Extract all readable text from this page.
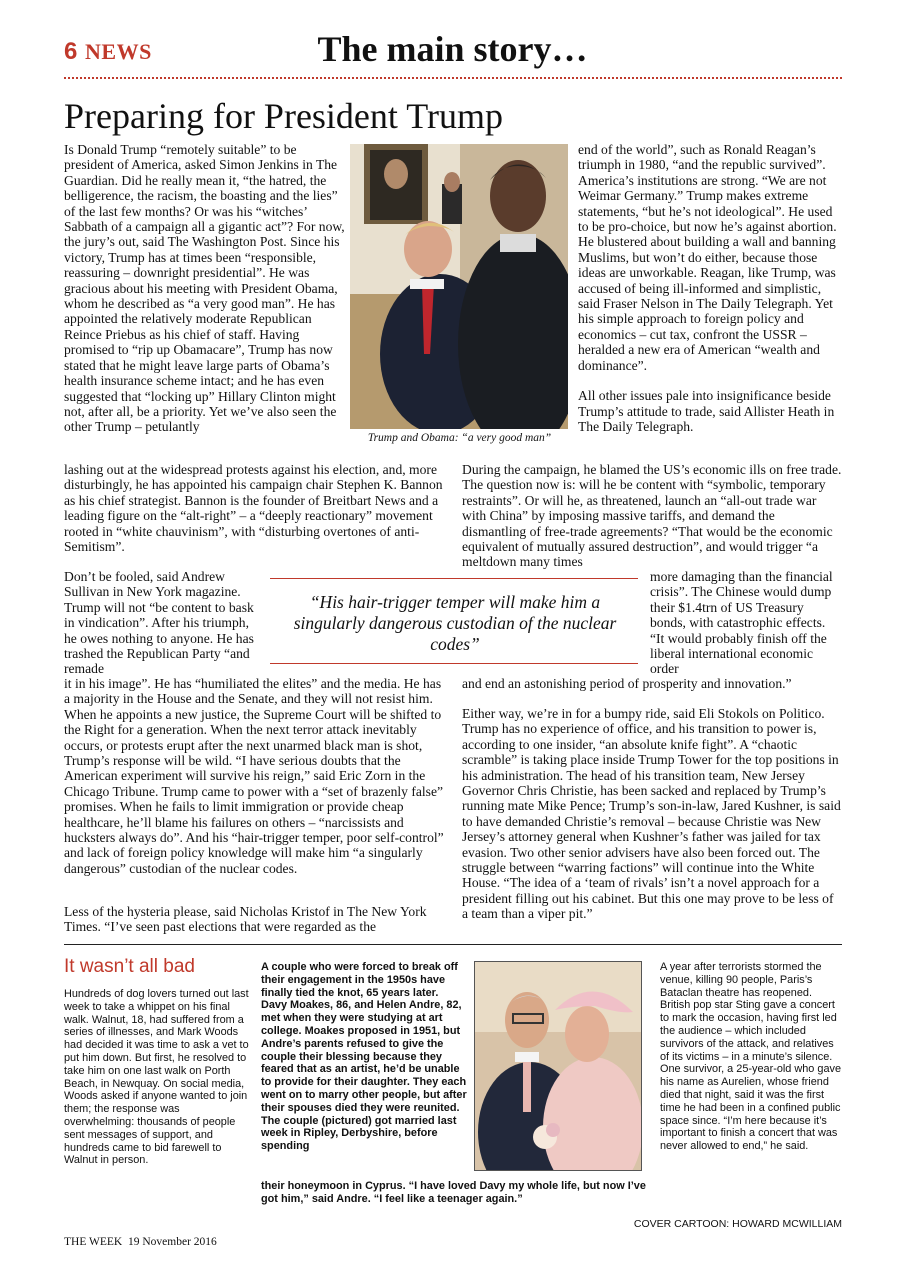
6 NEWS	The main story…
Preparing for President Trump

Is Donald Trump “remotely suitable” to be president of America, asked Simon Jenkins in The Guardian. Did he really mean it, “the hatred, the belligerence, the racism, the boasting and the lies” of the last few months? Or was his “witches’ Sabbath of a campaign all a gigantic act”? For now, the jury’s out, said The Washington Post. Since his victory, Trump has at times been “responsible, reassuring – downright presidential”. He was gracious about his meeting with President Obama, whom he described as “a very good man”. He has appointed the relatively moderate Republican Reince Priebus as his chief of staff. Having promised to “rip up Obamacare”, Trump has now stated that he might leave large parts of Obama’s health insurance scheme intact; and he has even suggested that “locking up” Hillary Clinton might not, after all, be a priority. Yet we’ve also seen the other Trump – petulantly

Trump and Obama: “a very good man”

end of the world”, such as Ronald Reagan’s triumph in 1980, “and the republic survived”. America’s institutions are strong. “We are not Weimar Germany.” Trump makes extreme statements, “but he’s not ideological”. He used to be pro-choice, but now he’s against abortion. He blustered about building a wall and banning Muslims, but won’t do either, because those ideas are unworkable. Reagan, like Trump, was accused of being ill-informed and simplistic, said Fraser Nelson in The Daily Telegraph. Yet his simple approach to foreign policy and economics – cut tax, confront the USSR – heralded a new era of American “wealth and dominance”.

All other issues pale into insignificance beside Trump’s attitude to trade, said Allister Heath in The Daily Telegraph.

lashing out at the widespread protests against his election, and, more disturbingly, he has appointed his campaign chair Stephen K. Bannon as his chief strategist. Bannon is the founder of Breitbart News and a leading figure on the “alt-right” – a “deeply reactionary” movement rooted in “white chauvinism”, with “disturbing overtones of anti-Semitism”.

During the campaign, he blamed the US’s economic ills on free trade. The question now is: will he be content with “symbolic, temporary restraints”. Or will he, as threatened, launch an “all-out trade war with China” by imposing massive tariffs, and demand the dismantling of free-trade agreements? “That would be the economic equivalent of mutually assured destruction”, and would trigger “a meltdown many times

Don’t be fooled, said Andrew Sullivan in New York magazine. Trump will not “be content to bask in vindication”. After his triumph, he owes nothing to anyone. He has trashed the Republican Party “and remade

“His hair-trigger temper will make him a singularly dangerous custodian of the nuclear codes”

more damaging than the financial crisis”. The Chinese would dump their $1.4trn of US Treasury bonds, with catastrophic effects. “It would probably finish off the liberal international economic order

it in his image”. He has “humiliated the elites” and the media. He has a majority in the House and the Senate, and they will not resist him. When he appoints a new justice, the Supreme Court will be shifted to the Right for a generation. When the next terror attack inevitably occurs, or protests erupt after the next unarmed black man is shot, Trump’s response will be wild. “I have serious doubts that the American experiment will survive his reign,” said Eric Zorn in the Chicago Tribune. Trump came to power with a “set of brazenly false” promises. When he fails to limit immigration or provide cheap healthcare, he’ll blame his failures on others – “narcissists and hucksters always do”. And his “hair-trigger temper, poor self-control” and lack of foreign policy knowledge will make him “a singularly dangerous” custodian of the nuclear codes.

and end an astonishing period of prosperity and innovation.”

Less of the hysteria please, said Nicholas Kristof in The New York Times. “I’ve seen past elections that were regarded as the

Either way, we’re in for a bumpy ride, said Eli Stokols on Politico. Trump has no experience of office, and his transition to power is, according to one insider, “an absolute knife fight”. A “chaotic scramble” is taking place inside Trump Tower for the top positions in his administration. The head of his transition team, New Jersey Governor Chris Christie, has been sacked and replaced by Trump’s running mate Mike Pence; Trump’s son-in-law, Jared Kushner, is said to have demanded Christie’s removal – because Christie was New Jersey’s attorney general when Kushner’s father was jailed for tax evasion. Two other senior advisers have also been forced out. The struggle between “warring factions” will continue into the White House. “The idea of a ‘team of rivals’ isn’t a novel approach for a president filling out his cabinet. But this one may prove to be less of a team than a viper pit.”

It wasn’t all bad

Hundreds of dog lovers turned out last week to take a whippet on his final walk. Walnut, 18, had suffered from a series of illnesses, and Mark Woods had decided it was time to ask a vet to put him down. But first, he resolved to take him on one last walk on Porth Beach, in Newquay. On social media, Woods asked if anyone wanted to join them; the response was overwhelming: thousands of people sent messages of support, and hundreds came to bid farewell to Walnut in person.

A couple who were forced to break off their engagement in the 1950s have finally tied the knot, 65 years later. Davy Moakes, 86, and Helen Andre, 82, met when they were studying at art college. Moakes proposed in 1951, but Andre’s parents refused to give the couple their blessing because they feared that as an artist, he’d be unable to provide for their daughter. They each went on to marry other people, but after their spouses died they were reunited. The couple (pictured) got married last week in Ripley, Derbyshire, before spending

their honeymoon in Cyprus. “I have loved Davy my whole life, but now I’ve got him,” said Andre. “I feel like a teenager again.”

A year after terrorists stormed the venue, killing 90 people, Paris’s Bataclan theatre has reopened. British pop star Sting gave a concert to mark the occasion, having first led the audience – which included survivors of the attack, and relatives of its victims – in a minute’s silence. One survivor, a 25-year-old who gave his name as Aurelien, whose friend died that night, said it was the first time he had been in a confined public space since. “I’m here because it’s important to finish a concert that was never allowed to end,” he said.

COVER CARTOON: HOWARD MCWILLIAM
THE WEEK  19 November 2016
